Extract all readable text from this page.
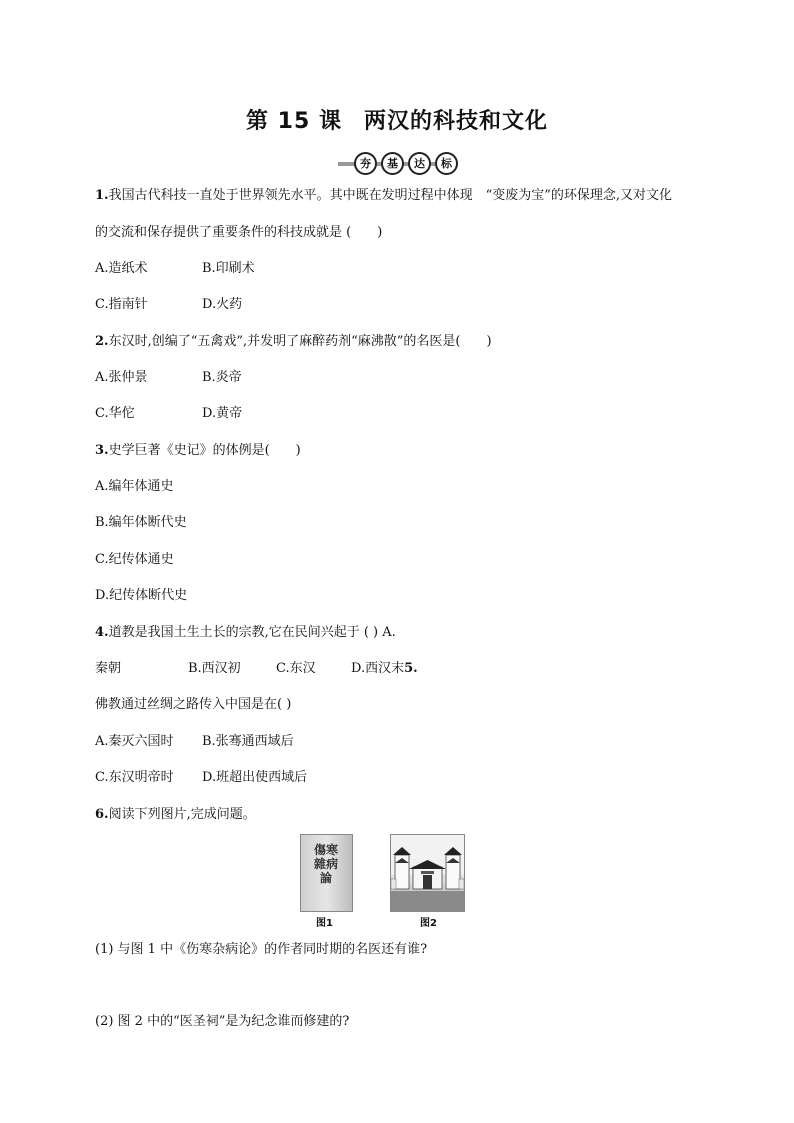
第 15 课 两汉的科技和文化
夯	基	达	标
1.我国古代科技一直处于世界领先水平。其中既在发明过程中体现　“变废为宝”的环保理念,又对文化
的交流和保存提供了重要条件的科技成就是 (　　)
A.造纸术	B.印刷术
C.指南针	D.火药
2.东汉时,创编了“五禽戏”,并发明了麻醉药剂“麻沸散”的名医是(　　)
A.张仲景	B.炎帝
C.华佗	D.黄帝
3.史学巨著《史记》的体例是(　　)
A.编年体通史
B.编年体断代史
C.纪传体通史
D.纪传体断代史
4.道教是我国土生土长的宗教,它在民间兴起于 ( ) A.
秦朝	B.西汉初	C.东汉	D.西汉末5.
佛教通过丝绸之路传入中国是在( )
A.秦灭六国时 B.张骞通西域后
C.东汉明帝时 D.班超出使西域后
6.阅读下列图片,完成问题。
傷寒雜病論
图1	图2
(1) 与图 1 中《伤寒杂病论》的作者同时期的名医还有谁?
(2) 图 2 中的“医圣祠”是为纪念谁而修建的?
